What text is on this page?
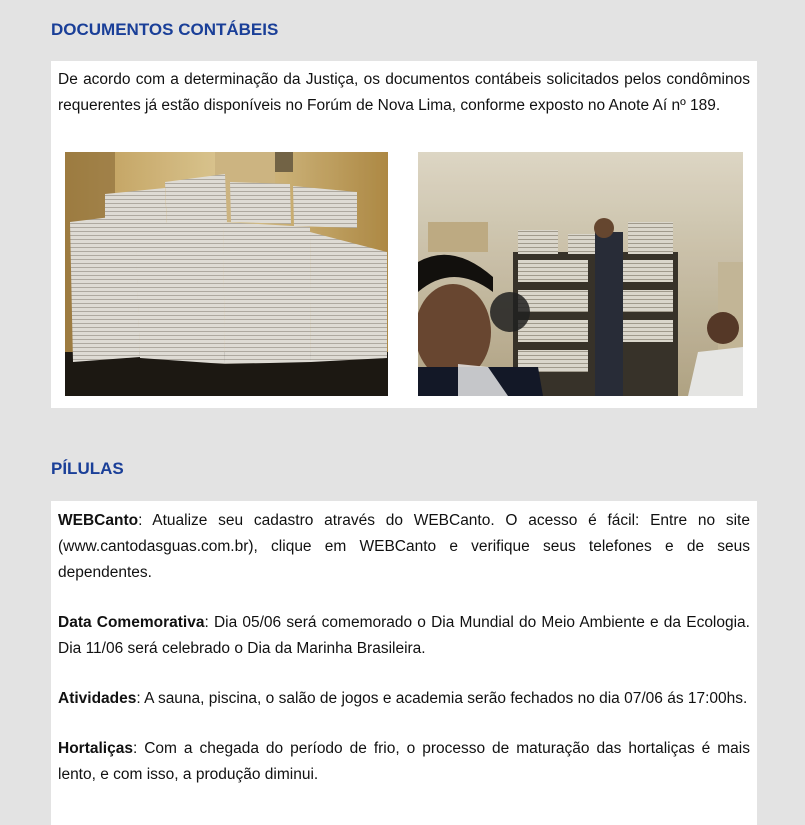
DOCUMENTOS CONTÁBEIS

De acordo com a determinação da Justiça, os documentos contábeis solicitados pelos condôminos requerentes já estão disponíveis no Forúm de Nova Lima, conforme exposto no Anote Aí nº 189.

PÍLULAS

WEBCanto: Atualize seu cadastro através do WEBCanto. O acesso é fácil: Entre no site (www.cantodasguas.com.br), clique em WEBCanto e verifique seus telefones e de seus dependentes.

Data Comemorativa: Dia 05/06 será comemorado o Dia Mundial do Meio Ambiente e da Ecologia. Dia 11/06 será celebrado o Dia da Marinha Brasileira.

Atividades: A sauna, piscina, o salão de jogos e academia serão fechados no dia 07/06 ás 17:00hs.

Hortaliças: Com a chegada do período de frio, o processo de maturação das hortaliças é mais lento, e com isso, a produção diminui.
